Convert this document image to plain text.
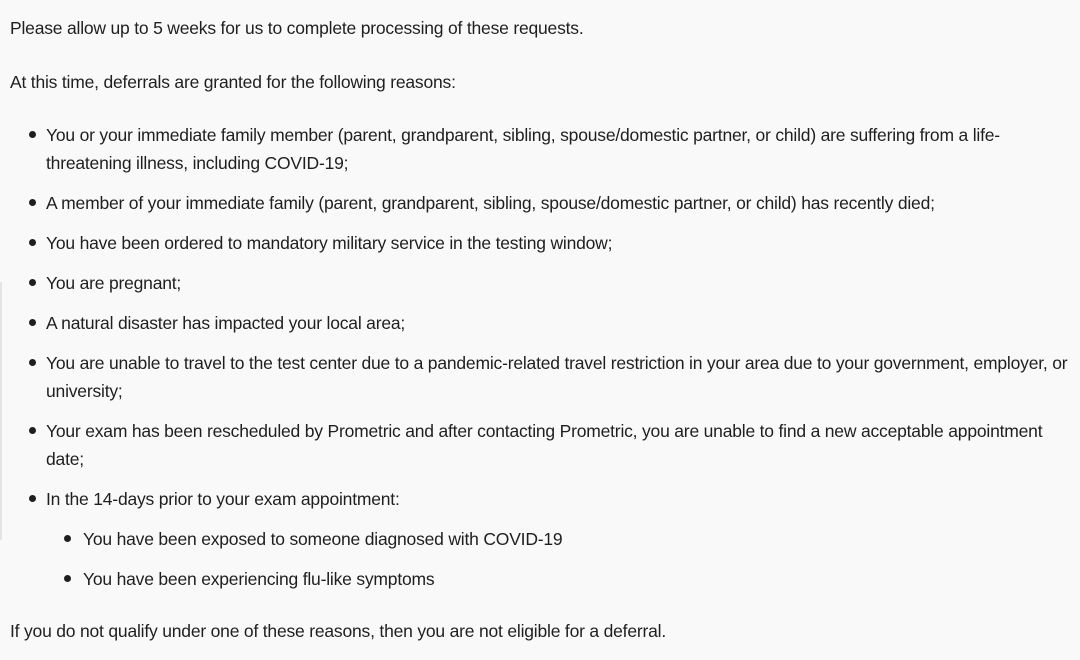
Please allow up to 5 weeks for us to complete processing of these requests.

At this time, deferrals are granted for the following reasons:

You or your immediate family member (parent, grandparent, sibling, spouse/domestic partner, or child) are suffering from a life-threatening illness, including COVID-19;
A member of your immediate family (parent, grandparent, sibling, spouse/domestic partner, or child) has recently died;
You have been ordered to mandatory military service in the testing window;
You are pregnant;
A natural disaster has impacted your local area;
You are unable to travel to the test center due to a pandemic-related travel restriction in your area due to your government, employer, or university;
Your exam has been rescheduled by Prometric and after contacting Prometric, you are unable to find a new acceptable appointment date;
In the 14-days prior to your exam appointment:
You have been exposed to someone diagnosed with COVID-19
You have been experiencing flu-like symptoms

If you do not qualify under one of these reasons, then you are not eligible for a deferral.
